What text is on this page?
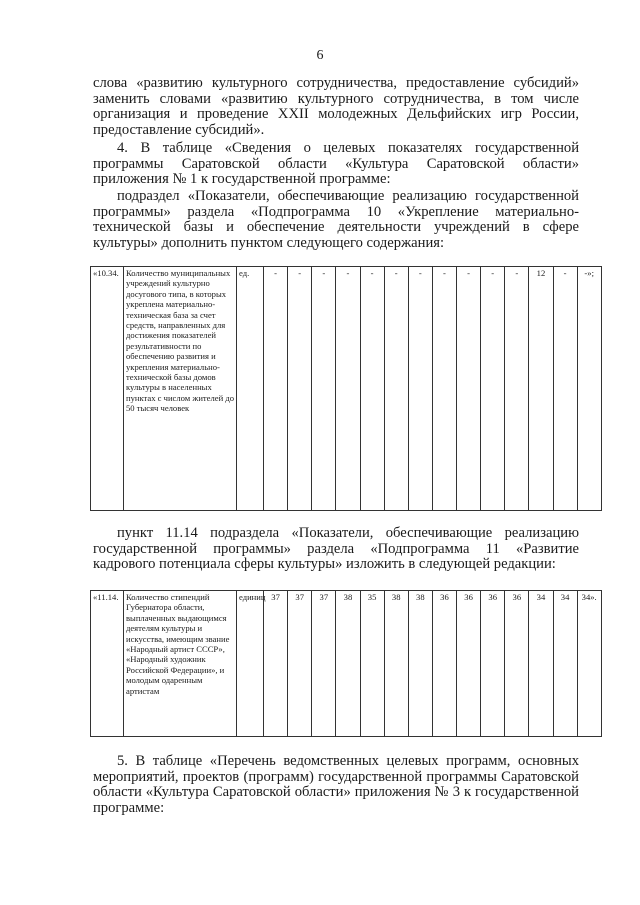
6

слова «развитию культурного сотрудничества, предоставление субсидий» заменить словами «развитию культурного сотрудничества, в том числе организация и проведение XXII молодежных Дельфийских игр России, предоставление субсидий».

4. В таблице «Сведения о целевых показателях государственной программы Саратовской области «Культура Саратовской области» приложения № 1 к государственной программе:

подраздел «Показатели, обеспечивающие реализацию государственной программы» раздела «Подпрограмма 10 «Укрепление материально-технической базы и обеспечение деятельности учреждений в сфере культуры» дополнить пунктом следующего содержания:

«10.34.	Количество муниципальных учреждений культурно досугового типа, в которых укреплена материально-техническая база за счет средств, направленных для достижения показателей результативности по обеспечению развития и укрепления материально-технической базы домов культуры в населенных пунктах с числом жителей до 50 тысяч человек	ед.	-	-	-	-	-	-	-	-	-	-	-	12	-	-»;

пункт 11.14 подраздела «Показатели, обеспечивающие реализацию государственной программы» раздела «Подпрограмма 11 «Развитие кадрового потенциала сферы культуры» изложить в следующей редакции:

«11.14.	Количество стипендий Губернатора области, выплаченных выдающимся деятелям культуры и искусства, имеющим звание «Народный артист СССР», «Народный художник Российской Федерации», и молодым одаренным артистам	единиц	37	37	37	38	35	38	38	36	36	36	36	34	34	34».

5. В таблице «Перечень ведомственных целевых программ, основных мероприятий, проектов (программ) государственной программы Саратовской области «Культура Саратовской области» приложения № 3 к государственной программе:
